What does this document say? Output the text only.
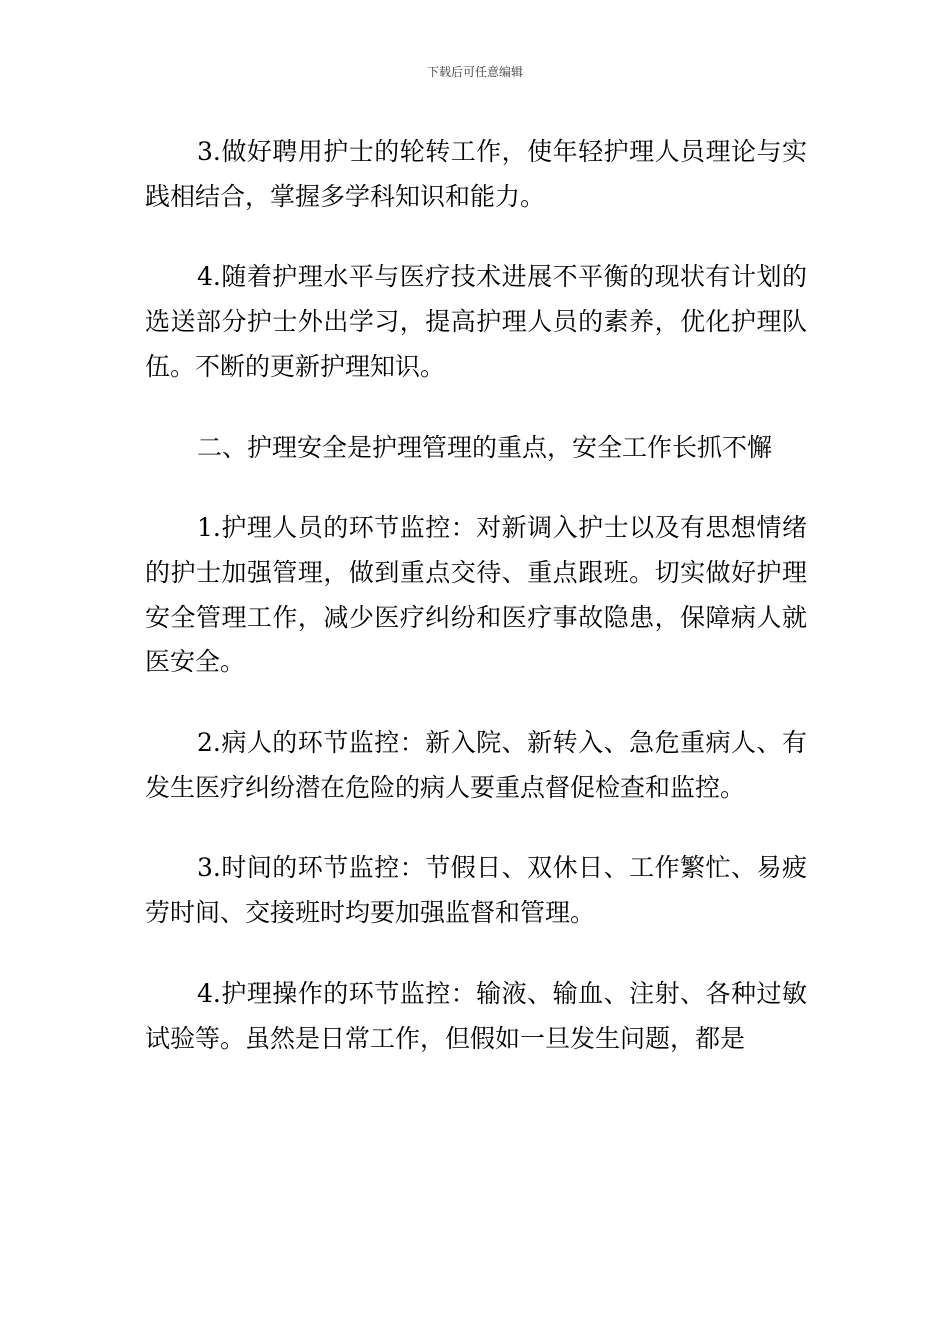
下载后可任意编辑

3.做好聘用护士的轮转工作，使年轻护理人员理论与实践相结合，掌握多学科知识和能力。

4.随着护理水平与医疗技术进展不平衡的现状有计划的选送部分护士外出学习，提高护理人员的素养，优化护理队伍。不断的更新护理知识。

二、护理安全是护理管理的重点，安全工作长抓不懈

1.护理人员的环节监控：对新调入护士以及有思想情绪的护士加强管理，做到重点交待、重点跟班。切实做好护理安全管理工作，减少医疗纠纷和医疗事故隐患，保障病人就医安全。

2.病人的环节监控：新入院、新转入、急危重病人、有发生医疗纠纷潜在危险的病人要重点督促检查和监控。

3.时间的环节监控：节假日、双休日、工作繁忙、易疲劳时间、交接班时均要加强监督和管理。

4.护理操作的环节监控：输液、输血、注射、各种过敏试验等。虽然是日常工作，但假如一旦发生问题，都是
